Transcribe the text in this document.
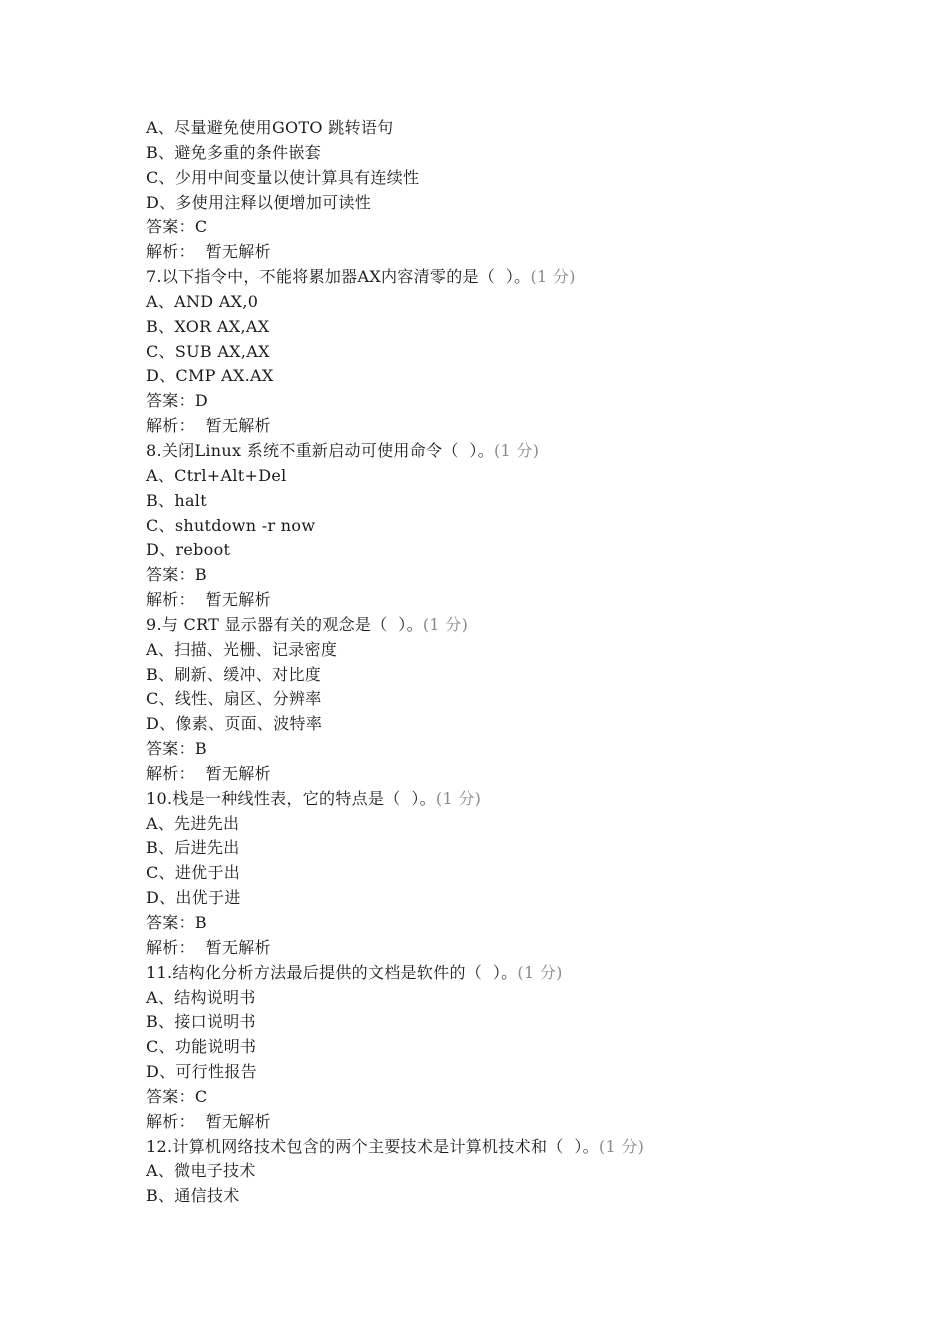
A、尽量避免使用GOTO 跳转语句
B、避免多重的条件嵌套
C、少用中间变量以使计算具有连续性
D、多使用注释以便增加可读性
答案：C
解析：  暂无解析
7.以下指令中，不能将累加器AX内容清零的是（  ）。(1 分)
A、AND AX,0
B、XOR AX,AX
C、SUB AX,AX
D、CMP AX.AX
答案：D
解析：  暂无解析
8.关闭Linux 系统不重新启动可使用命令（  ）。(1 分)
A、Ctrl+Alt+Del
B、halt
C、shutdown -r now
D、reboot
答案：B
解析：  暂无解析
9.与 CRT 显示器有关的观念是（  ）。(1 分)
A、扫描、光栅、记录密度
B、刷新、缓冲、对比度
C、线性、扇区、分辨率
D、像素、页面、波特率
答案：B
解析：  暂无解析
10.栈是一种线性表，它的特点是（  ）。(1 分)
A、先进先出
B、后进先出
C、进优于出
D、出优于进
答案：B
解析：  暂无解析
11.结构化分析方法最后提供的文档是软件的（  ）。(1 分)
A、结构说明书
B、接口说明书
C、功能说明书
D、可行性报告
答案：C
解析：  暂无解析
12.计算机网络技术包含的两个主要技术是计算机技术和（  ）。(1 分)
A、微电子技术
B、通信技术
